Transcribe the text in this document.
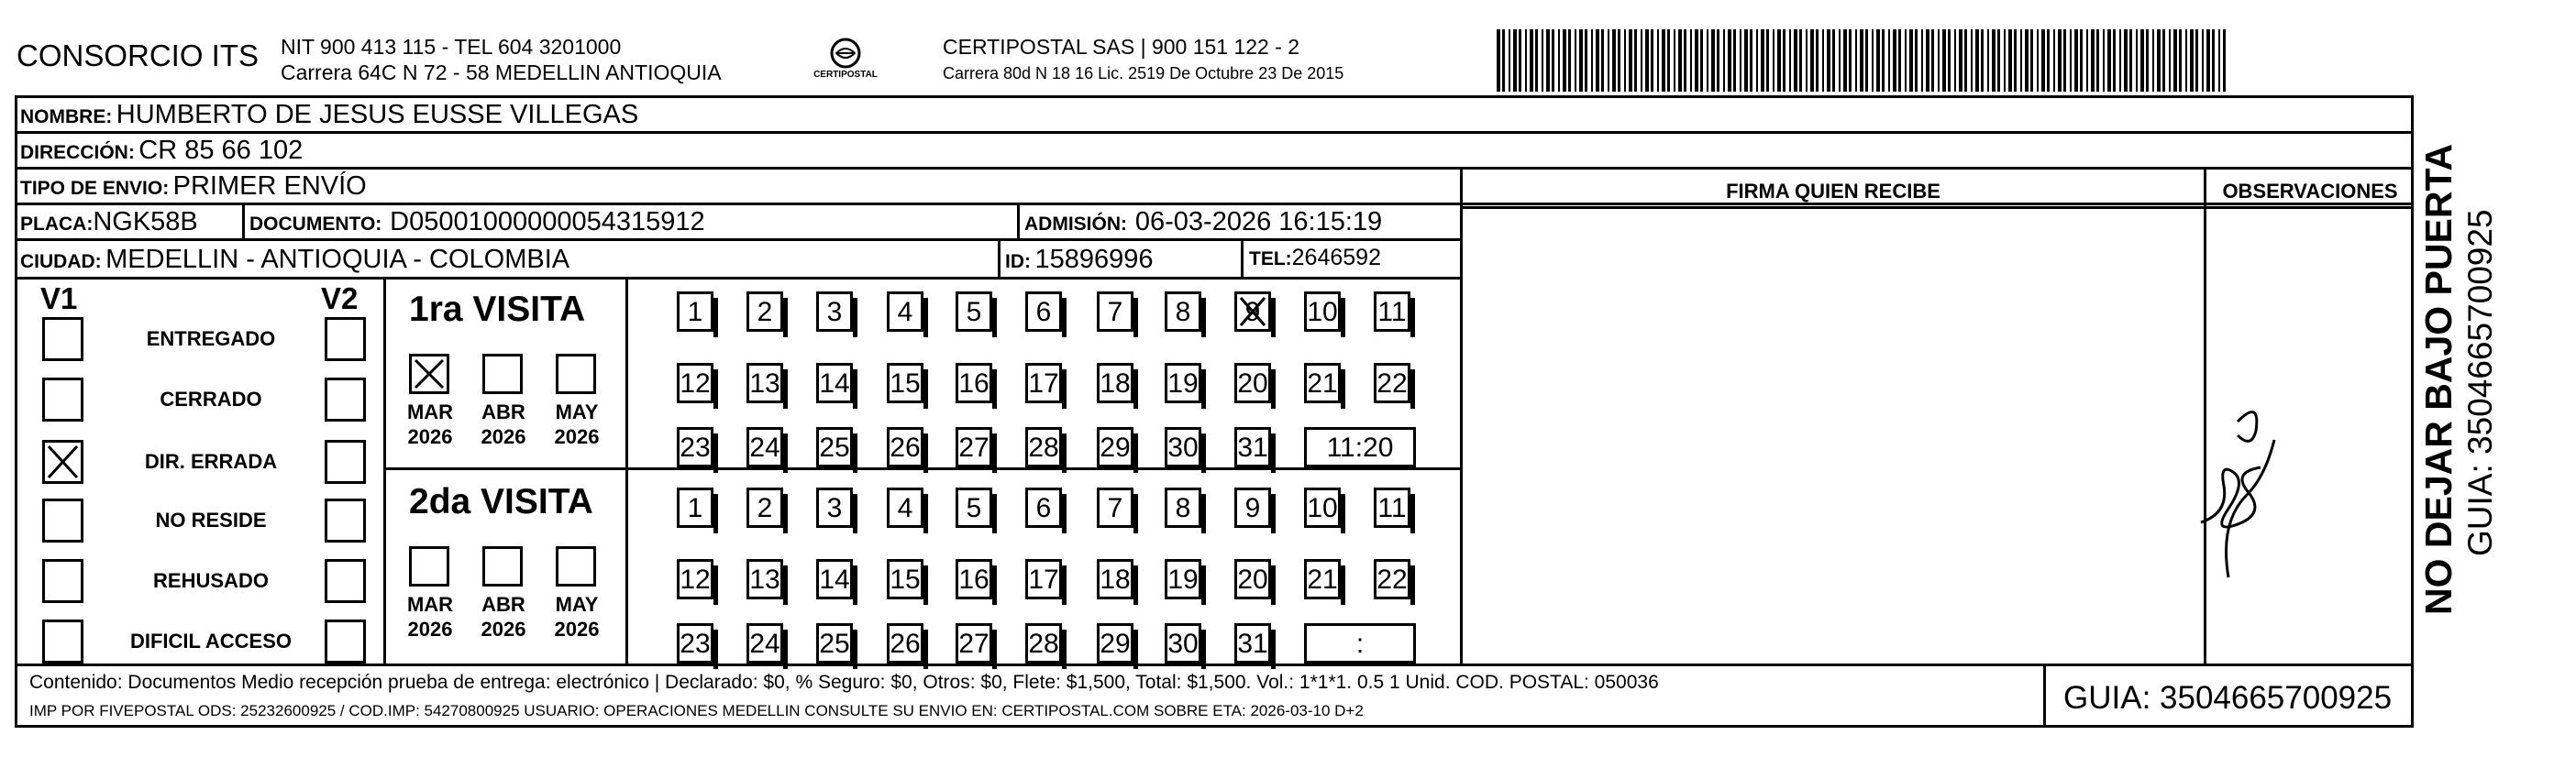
CONSORCIO ITS NIT 900 413 115 - TEL 604 3201000
Carrera 64C N 72 - 58 MEDELLIN ANTIOQUIA	CERTIPOSTAL
CERTIPOSTAL SAS | 900 151 122 - 2
Carrera 80d N 18 16 Lic. 2519 De Octubre 23 De 2015
NOMBRE: HUMBERTO DE JESUS EUSSE VILLEGAS
DIRECCIÓN: CR 85 66 102
TIPO DE ENVIO: PRIMER ENVÍO
PLACA:NGK58B	DOCUMENTO: D05001000000054315912	ADMISIÓN: 06-03-2026 16:15:19
CIUDAD: MEDELLIN - ANTIOQUIA - COLOMBIA	ID: 15896996	TEL:2646592
FIRMA QUIEN RECIBE	OBSERVACIONES
V1	V2
ENTREGADO
CERRADO
DIR. ERRADA
NO RESIDE
REHUSADO
DIFICIL ACCESO
1ra VISITA
2da VISITA
MAR
2026
ABR
2026
MAY
2026
MAR
2026
ABR
2026
MAY
2026
1	2	3	4	5	6	7	8	9	10 11
12 13 14 15 16 17 18 19 20 21 22
23 24 25 26 27 28 29 30 31	11:20
1	2	3	4	5	6	7	8	9	10 11
12 13 14 15 16 17 18 19 20 21 22
23 24 25 26 27 28 29 30 31	:
Contenido: Documentos Medio recepción prueba de entrega: electrónico | Declarado: $0, % Seguro: $0, Otros: $0, Flete: $1,500, Total: $1,500. Vol.: 1*1*1. 0.5 1 Unid. COD. POSTAL: 050036
IMP POR FIVEPOSTAL ODS: 25232600925 / COD.IMP: 54270800925 USUARIO: OPERACIONES MEDELLIN CONSULTE SU ENVIO EN: CERTIPOSTAL.COM SOBRE ETA: 2026-03-10 D+2	GUIA: 3504665700925
NO DEJAR BAJO PUERTA GUIA: 3504665700925
